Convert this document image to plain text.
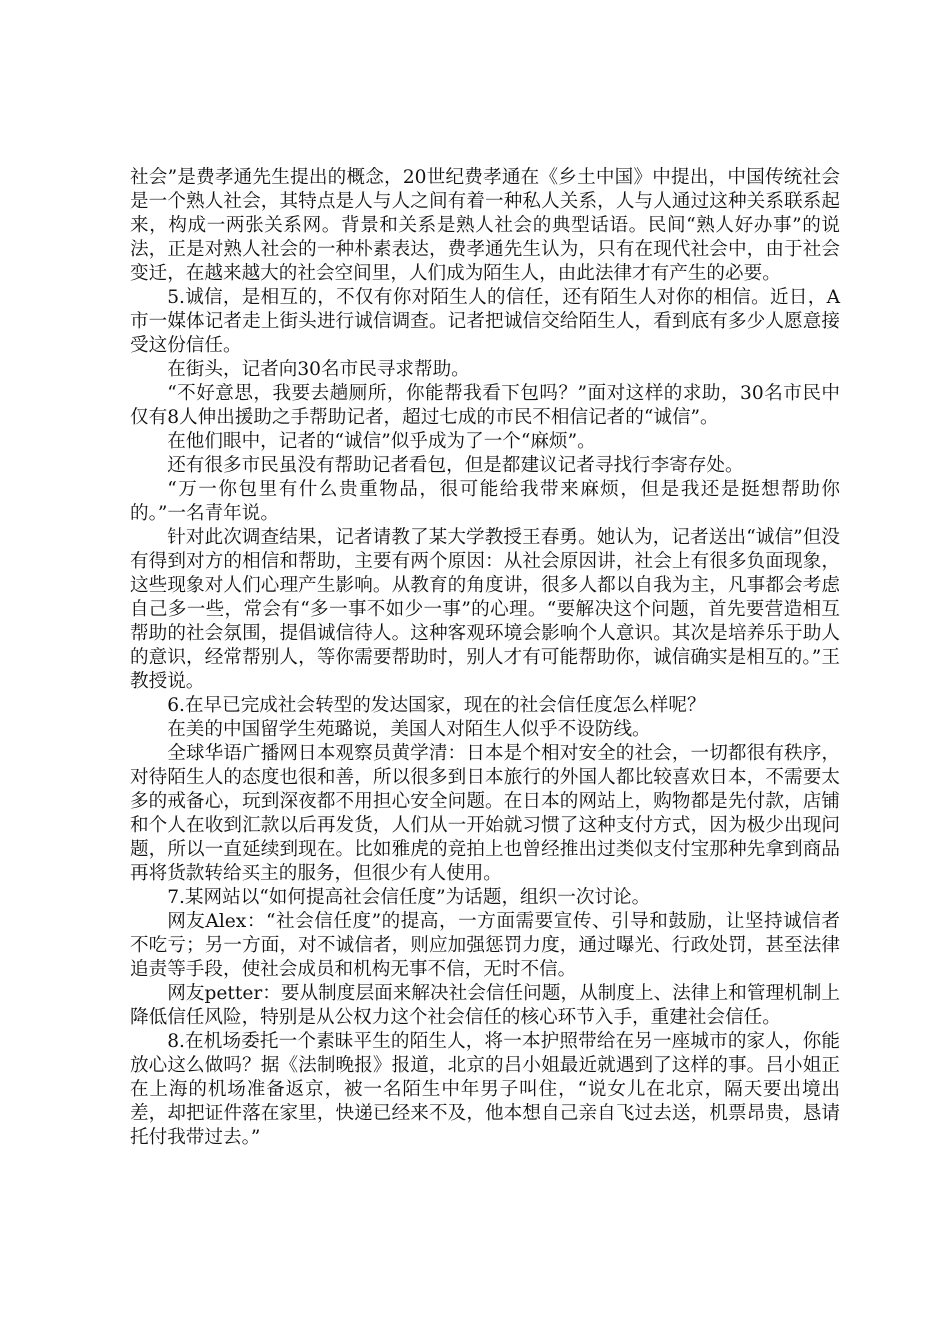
社会”是费孝通先生提出的概念，20世纪费孝通在《乡土中国》中提出，中国传统社会是一个熟人社会，其特点是人与人之间有着一种私人关系，人与人通过这种关系联系起来，构成一两张关系网。背景和关系是熟人社会的典型话语。民间“熟人好办事”的说法，正是对熟人社会的一种朴素表达，费孝通先生认为，只有在现代社会中，由于社会变迁，在越来越大的社会空间里，人们成为陌生人，由此法律才有产生的必要。

5.诚信，是相互的，不仅有你对陌生人的信任，还有陌生人对你的相信。近日，A市一媒体记者走上街头进行诚信调查。记者把诚信交给陌生人，看到底有多少人愿意接受这份信任。

在街头，记者向30名市民寻求帮助。

“不好意思，我要去趟厕所，你能帮我看下包吗？”面对这样的求助，30名市民中仅有8人伸出援助之手帮助记者，超过七成的市民不相信记者的“诚信”。

在他们眼中，记者的“诚信”似乎成为了一个“麻烦”。

还有很多市民虽没有帮助记者看包，但是都建议记者寻找行李寄存处。

“万一你包里有什么贵重物品，很可能给我带来麻烦，但是我还是挺想帮助你的。”一名青年说。

针对此次调查结果，记者请教了某大学教授王春勇。她认为，记者送出“诚信”但没有得到对方的相信和帮助，主要有两个原因：从社会原因讲，社会上有很多负面现象，这些现象对人们心理产生影响。从教育的角度讲，很多人都以自我为主，凡事都会考虑自己多一些，常会有“多一事不如少一事”的心理。“要解决这个问题，首先要营造相互帮助的社会氛围，提倡诚信待人。这种客观环境会影响个人意识。其次是培养乐于助人的意识，经常帮别人，等你需要帮助时，别人才有可能帮助你，诚信确实是相互的。”王教授说。

6.在早已完成社会转型的发达国家，现在的社会信任度怎么样呢？

在美的中国留学生苑璐说，美国人对陌生人似乎不设防线。

全球华语广播网日本观察员黄学清：日本是个相对安全的社会，一切都很有秩序，对待陌生人的态度也很和善，所以很多到日本旅行的外国人都比较喜欢日本，不需要太多的戒备心，玩到深夜都不用担心安全问题。在日本的网站上，购物都是先付款，店铺和个人在收到汇款以后再发货，人们从一开始就习惯了这种支付方式，因为极少出现问题，所以一直延续到现在。比如雅虎的竞拍上也曾经推出过类似支付宝那种先拿到商品再将货款转给买主的服务，但很少有人使用。

7.某网站以“如何提高社会信任度”为话题，组织一次讨论。

网友Alex：“社会信任度”的提高，一方面需要宣传、引导和鼓励，让坚持诚信者不吃亏；另一方面，对不诚信者，则应加强惩罚力度，通过曝光、行政处罚，甚至法律追责等手段，使社会成员和机构无事不信，无时不信。

网友petter：要从制度层面来解决社会信任问题，从制度上、法律上和管理机制上降低信任风险，特别是从公权力这个社会信任的核心环节入手，重建社会信任。

8.在机场委托一个素昧平生的陌生人，将一本护照带给在另一座城市的家人，你能放心这么做吗？据《法制晚报》报道，北京的吕小姐最近就遇到了这样的事。吕小姐正在上海的机场准备返京，被一名陌生中年男子叫住，“说女儿在北京，隔天要出境出差，却把证件落在家里，快递已经来不及，他本想自己亲自飞过去送，机票昂贵，恳请托付我带过去。”
